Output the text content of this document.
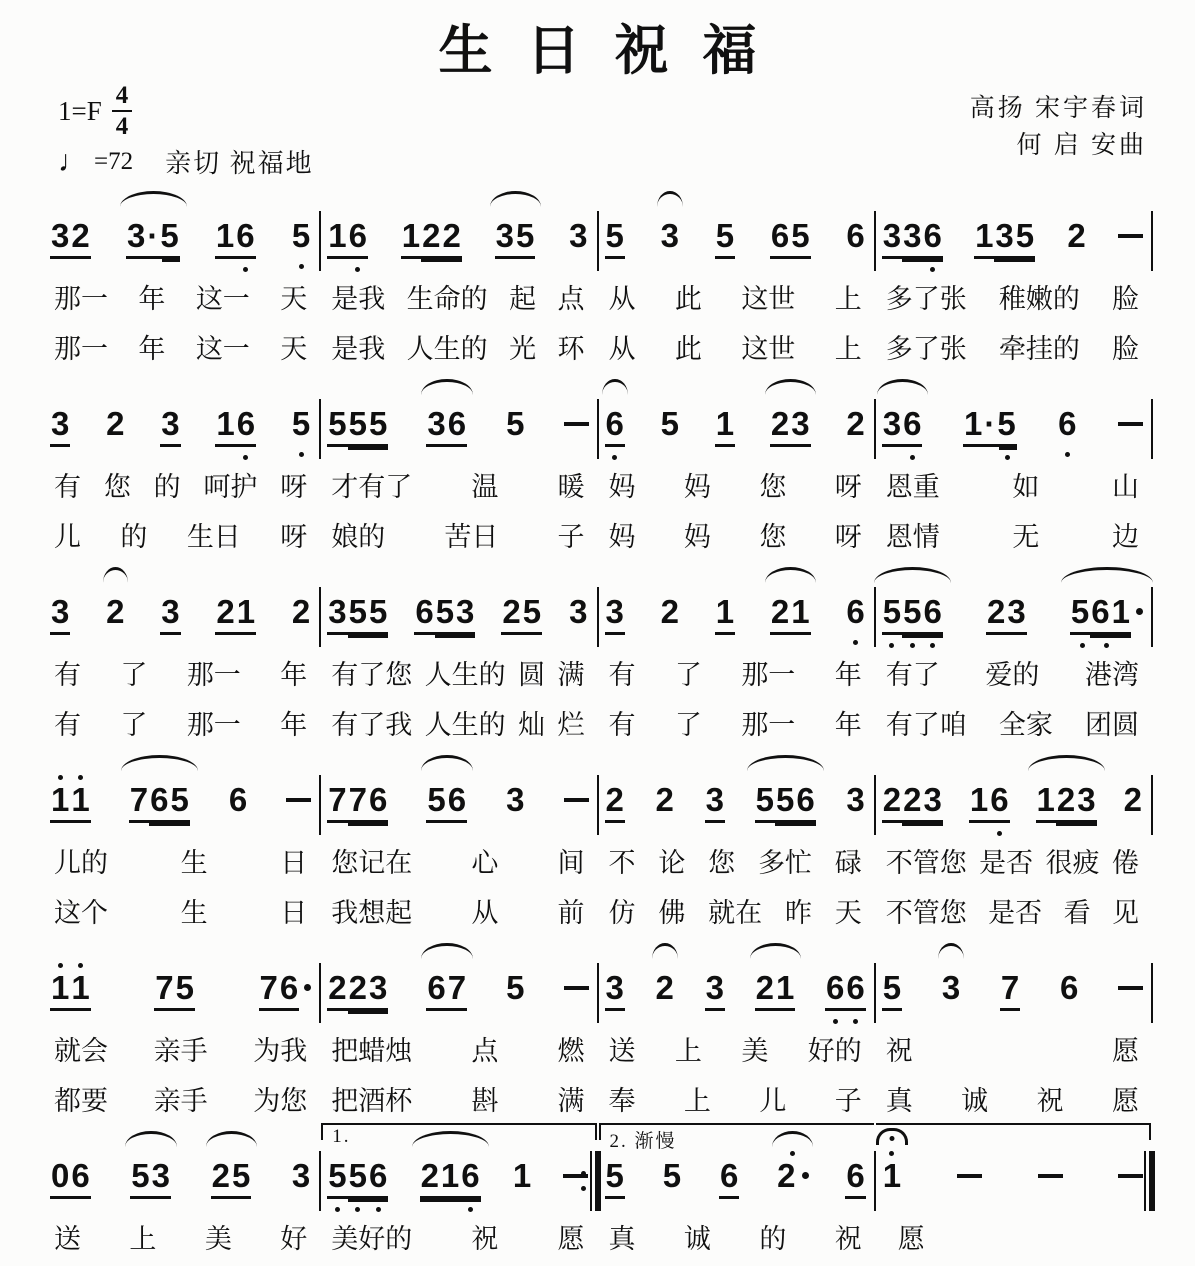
生日祝福
1=F 4
4
♩ =72 亲切 祝福地
高扬 宋宇春词
何 启 安曲
3 2 3 · 5 1 6 5
那一 年 这一 天
那一 年 这一 天
1 6 1 2 2 3 5 3
是我 生命的 起 点
是我 人生的 光 环
5 3 5 6 5 6
从 此 这世 上
从 此 这世 上
3 3 6 1 3 5 2
多了张 稚嫩的 脸
多了张 牵挂的 脸
3 2 3 1 6 5
有 您 的 呵护 呀
儿 的 生日 呀
5 5 5 3 6 5
才有了 温 暖
娘的 苦日 子
6 5 1 2 3 2
妈 妈 您 呀
妈 妈 您 呀
3 6 1 · 5 6
恩重	如	山
恩情	无	边
3 2 3 2 1 2
有 了 那一 年
有 了 那一 年
3 5 5 6 5 3 2 5 3
有了您 人生的 圆 满
有了我 人生的 灿 烂
3 2 1 2 1 6
有 了 那一 年
有 了 那一 年
5 5 6 2 3 5 6 1
有了 爱的 港湾
有了咱 全家 团圆
1 1 7 6 5 6
儿的	生	日
这个	生	日
7 7 6 5 6 3
您记在 心 间
我想起 从 前
2 2 3 5 5 6 3
不 论 您 多忙 碌
仿 佛 就在 昨 天
2 2 3 1 6 1 2 3 2
不管您 是否 很疲 倦
不管您 是否 看 见
1 1 7 5 7 6
就会 亲手 为我
都要 亲手 为您
2 2 3 6 7 5
把蜡烛 点 燃
把酒杯 斟 满
3 2 3 2 1 6 6
送 上 美 好的
奉 上 儿 子
5 3 7 6
祝	愿
真 诚 祝 愿
0 6 5 3 2 5 3
送 上 美 好
1.
5 5 6 2 1 6 1
美好的 祝 愿
2. 渐慢
5 5 6 2 6
真 诚 的 祝
1
愿
